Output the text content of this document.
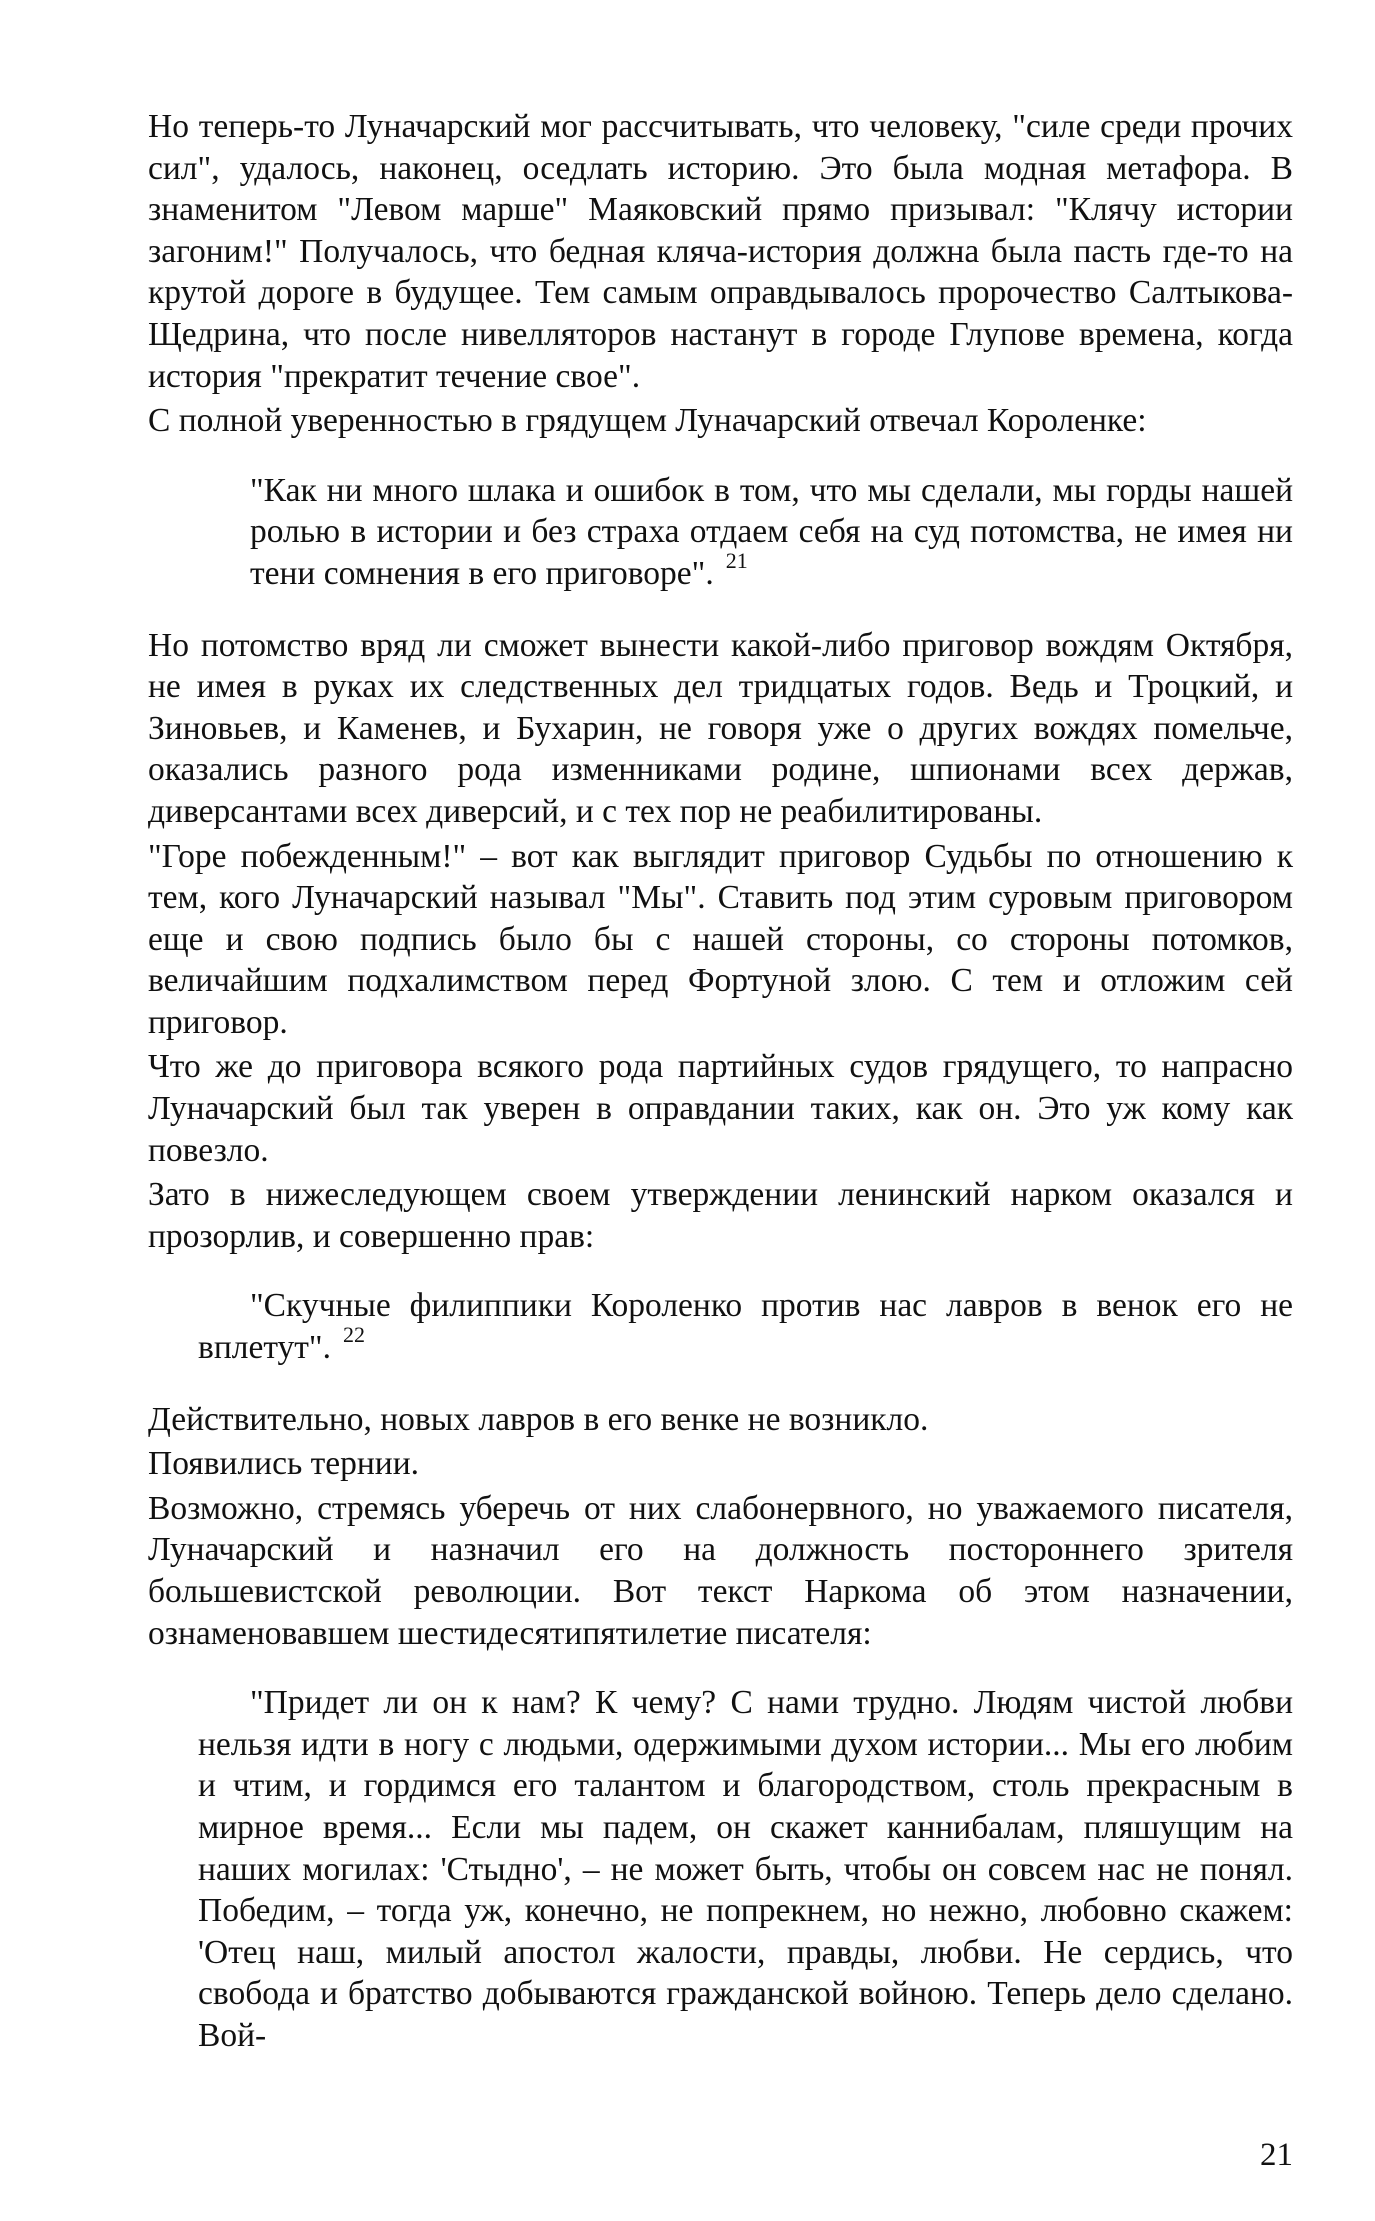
Но теперь-то Луначарский мог рассчитывать, что человеку, "силе среди прочих сил", удалось, наконец, оседлать историю. Это была модная метафора. В знаменитом "Левом марше" Маяковский прямо призывал: "Клячу истории загоним!" Получалось, что бедная кляча-история должна была пасть где-то на крутой дороге в будущее. Тем самым оправдывалось пророчество Салтыкова-Щедрина, что после нивелляторов настанут в городе Глупове времена, когда история "прекратит течение свое".

С полной уверенностью в грядущем Луначарский отвечал Короленке:

"Как ни много шлака и ошибок в том, что мы сделали, мы горды нашей ролью в истории и без страха отдаем себя на суд потомства, не имея ни тени сомнения в его приговоре". $^{21}$

Но потомство вряд ли сможет вынести какой-либо приговор вождям Октября, не имея в руках их следственных дел тридцатых годов. Ведь и Троцкий, и Зиновьев, и Каменев, и Бухарин, не говоря уже о других вождях помельче, оказались разного рода изменниками родине, шпионами всех держав, диверсантами всех диверсий, и с тех пор не реабилитированы.

"Горе побежденным!" – вот как выглядит приговор Судьбы по отношению к тем, кого Луначарский называл "Мы". Ставить под этим суровым приговором еще и свою подпись было бы с нашей стороны, со стороны потомков, величайшим подхалимством перед Фортуной злою. С тем и отложим сей приговор.

Что же до приговора всякого рода партийных судов грядущего, то напрасно Луначарский был так уверен в оправдании таких, как он. Это уж кому как повезло.

Зато в нижеследующем своем утверждении ленинский нарком оказался и прозорлив, и совершенно прав:

"Скучные филиппики Короленко против нас лавров в венок его не вплетут". $^{22}$

Действительно, новых лавров в его венке не возникло.

Появились тернии.

Возможно, стремясь уберечь от них слабонервного, но уважаемого писателя, Луначарский и назначил его на должность постороннего зрителя большевистской революции. Вот текст Наркома об этом назначении, ознаменовавшем шестидесятипятилетие писателя:

"Придет ли он к нам? К чему? С нами трудно. Людям чистой любви нельзя идти в ногу с людьми, одержимыми духом истории... Мы его любим и чтим, и гордимся его талантом и благородством, столь прекрасным в мирное время... Если мы падем, он скажет каннибалам, пляшущим на наших могилах: 'Стыдно', – не может быть, чтобы он совсем нас не понял. Победим, – тогда уж, конечно, не попрекнем, но нежно, любовно скажем: 'Отец наш, милый апостол жалости, правды, любви. Не сердись, что свобода и братство добываются гражданской войною. Теперь дело сделано. Вой-

21
